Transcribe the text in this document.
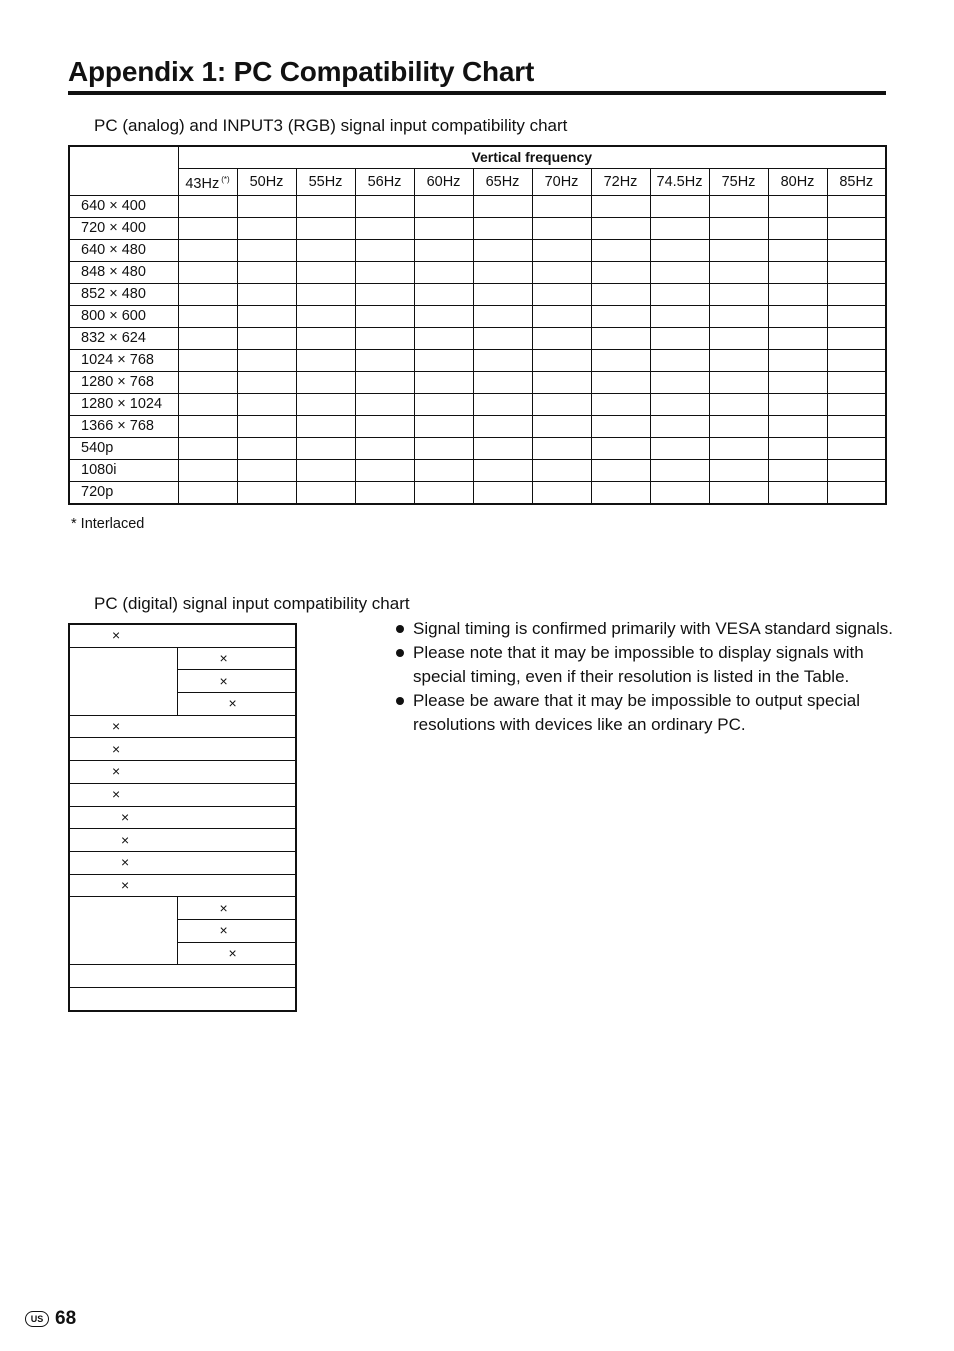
Appendix 1: PC Compatibility Chart
PC (analog) and INPUT3 (RGB) signal input compatibility chart
	Vertical frequency											
	43Hz (*)	50Hz	55Hz	56Hz	60Hz	65Hz	70Hz	72Hz	74.5Hz	75Hz	80Hz	85Hz
640 × 400												
720 × 400												
640 × 480												
848 × 480												
852 × 480												
800 × 600												
832 × 624												
1024 × 768												
1280 × 768												
1280 × 1024												
1366 × 768												
540p												
1080i												
720p												
* Interlaced
PC (digital) signal input compatibility chart
×	
	×
	×
	×
×	
×	
×	
×	
×	
×	
×	
×	
	×
	×
	×

Signal timing is confirmed primarily with VESA standard signals.
Please note that it may be impossible to display signals with special timing, even if their resolution is listed in the Table.
Please be aware that it may be impossible to output special resolutions with devices like an ordinary PC.
US 68
